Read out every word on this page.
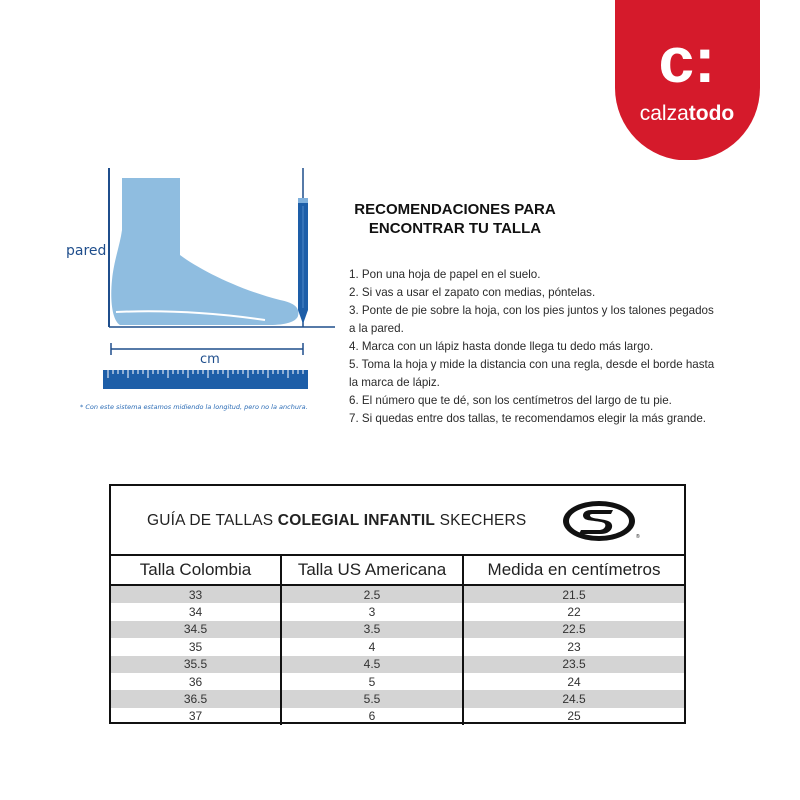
c:
calzatodo
pared
cm
* Con este sistema estamos midiendo la longitud, pero no la anchura.
RECOMENDACIONES PARA
ENCONTRAR TU TALLA
1. Pon una hoja de papel en el suelo.
2. Si vas a usar el zapato con medias, póntelas.
3. Ponte de pie sobre la hoja, con los pies juntos y los talones pegados
a la pared.
4. Marca con un lápiz hasta donde llega tu dedo más largo.
5. Toma la hoja y mide la distancia con una regla, desde el borde hasta
la marca de lápiz.
6. El número que te dé, son los centímetros del largo de tu pie.
7. Si quedas entre dos tallas, te recomendamos elegir la más grande.
GUÍA DE TALLAS COLEGIAL INFANTIL SKECHERS
®
Talla Colombia	Talla US Americana	Medida en centímetros
33	2.5	21.5
34	3	22
34.5	3.5	22.5
35	4	23
35.5	4.5	23.5
36	5	24
36.5	5.5	24.5
37	6	25
